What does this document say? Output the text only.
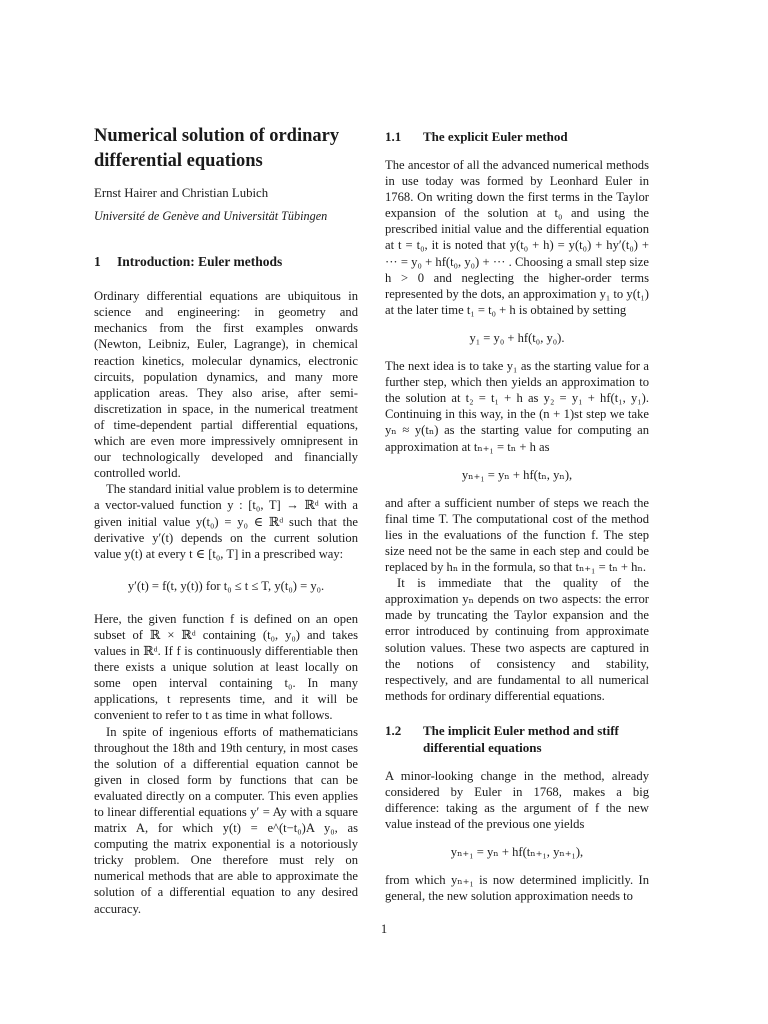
Numerical solution of ordinary differential equations
Ernst Hairer and Christian Lubich
Université de Genève and Universität Tübingen
1	Introduction: Euler methods

Ordinary differential equations are ubiquitous in science and engineering: in geometry and mechanics from the first examples onwards (Newton, Leibniz, Euler, Lagrange), in chemical reaction kinetics, molecular dynamics, electronic circuits, population dynamics, and many more application areas. They also arise, after semi-discretization in space, in the numerical treatment of time-dependent partial differential equations, which are even more impressively omnipresent in our technologically developed and financially controlled world.

The standard initial value problem is to determine a vector-valued function y : [t₀, T] → ℝᵈ with a given initial value y(t₀) = y₀ ∈ ℝᵈ such that the derivative y′(t) depends on the current solution value y(t) at every t ∈ [t₀, T] in a prescribed way:

y′(t) = f(t, y(t)) for t₀ ≤ t ≤ T, y(t₀) = y₀.

Here, the given function f is defined on an open subset of ℝ × ℝᵈ containing (t₀, y₀) and takes values in ℝᵈ. If f is continuously differentiable then there exists a unique solution at least locally on some open interval containing t₀. In many applications, t represents time, and it will be convenient to refer to t as time in what follows.

In spite of ingenious efforts of mathematicians throughout the 18th and 19th century, in most cases the solution of a differential equation cannot be given in closed form by functions that can be evaluated directly on a computer. This even applies to linear differential equations y′ = Ay with a square matrix A, for which y(t) = e^(t−t₀)A y₀, as computing the matrix exponential is a notoriously tricky problem. One therefore must rely on numerical methods that are able to approximate the solution of a differential equation to any desired accuracy.

1.1	The explicit Euler method

The ancestor of all the advanced numerical methods in use today was formed by Leonhard Euler in 1768. On writing down the first terms in the Taylor expansion of the solution at t₀ and using the prescribed initial value and the differential equation at t = t₀, it is noted that y(t₀ + h) = y(t₀) + hy′(t₀) + ··· = y₀ + hf(t₀, y₀) + ··· . Choosing a small step size h > 0 and neglecting the higher-order terms represented by the dots, an approximation y₁ to y(t₁) at the later time t₁ = t₀ + h is obtained by setting

y₁ = y₀ + hf(t₀, y₀).

The next idea is to take y₁ as the starting value for a further step, which then yields an approximation to the solution at t₂ = t₁ + h as y₂ = y₁ + hf(t₁, y₁). Continuing in this way, in the (n + 1)st step we take yₙ ≈ y(tₙ) as the starting value for computing an approximation at tₙ₊₁ = tₙ + h as

yₙ₊₁ = yₙ + hf(tₙ, yₙ),

and after a sufficient number of steps we reach the final time T. The computational cost of the method lies in the evaluations of the function f. The step size need not be the same in each step and could be replaced by hₙ in the formula, so that tₙ₊₁ = tₙ + hₙ.

It is immediate that the quality of the approximation yₙ depends on two aspects: the error made by truncating the Taylor expansion and the error introduced by continuing from approximate solution values. These two aspects are captured in the notions of consistency and stability, respectively, and are fundamental to all numerical methods for ordinary differential equations.

1.2	The implicit Euler method and stiff differential equations

A minor-looking change in the method, already considered by Euler in 1768, makes a big difference: taking as the argument of f the new value instead of the previous one yields

yₙ₊₁ = yₙ + hf(tₙ₊₁, yₙ₊₁),

from which yₙ₊₁ is now determined implicitly. In general, the new solution approximation needs to

1
